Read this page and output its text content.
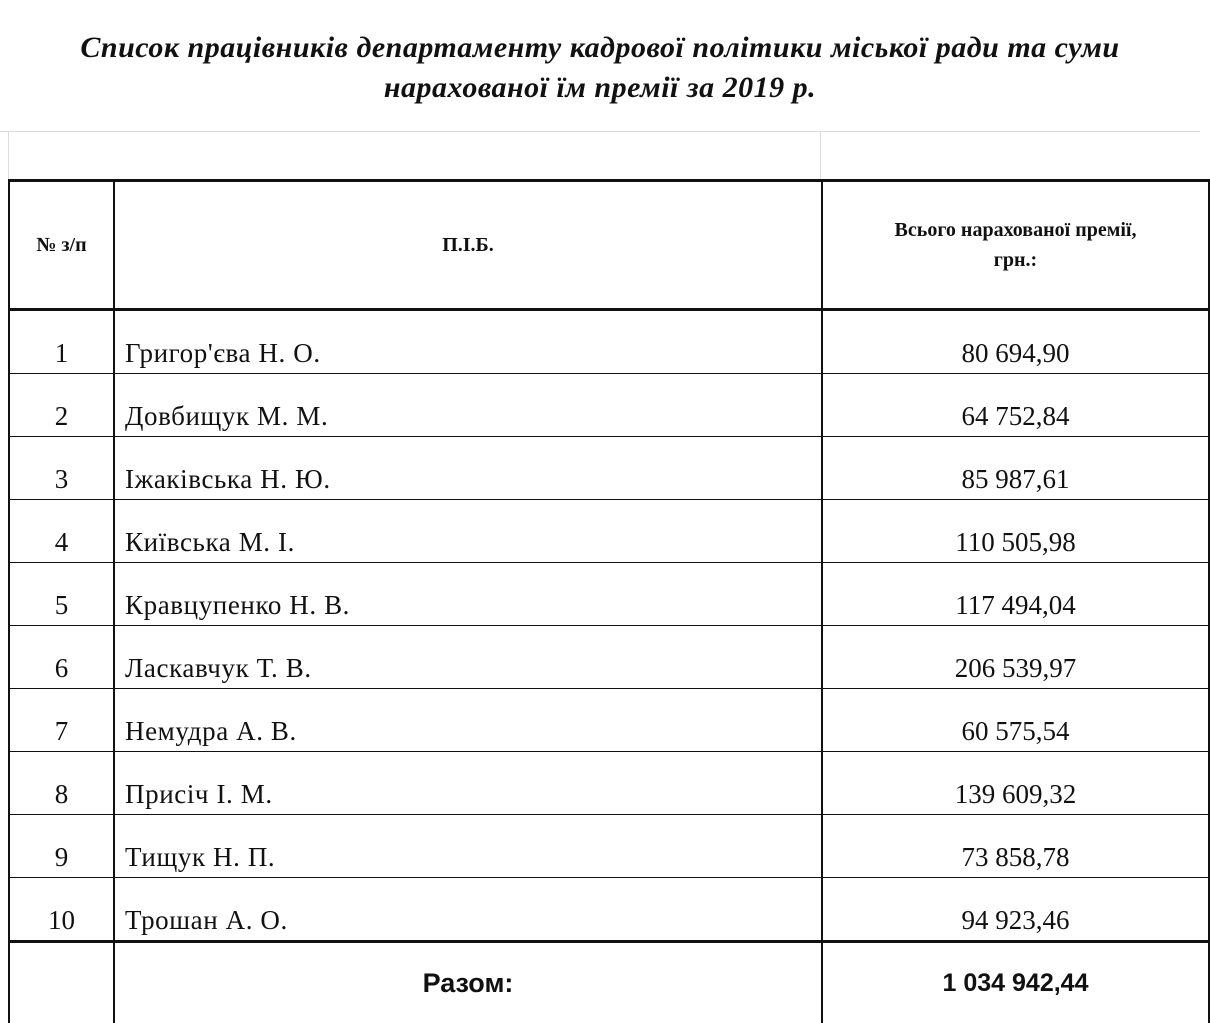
Список працівників департаменту кадрової політики міської ради та суми
нарахованої їм премії за 2019 р.
№ з/п	П.І.Б.	Всього нарахованої премії,
грн.:
1	Григор'єва Н. О.	80 694,90
2	Довбищук М. М.	64 752,84
3	Іжаківська Н. Ю.	85 987,61
4	Київська М. І.	110 505,98
5	Кравцупенко Н. В.	117 494,04
6	Ласкавчук Т. В.	206 539,97
7	Немудра А. В.	60 575,54
8	Присіч І. М.	139 609,32
9	Тищук Н. П.	73 858,78
10	Трошан А. О.	94 923,46
	Разом:	1 034 942,44
